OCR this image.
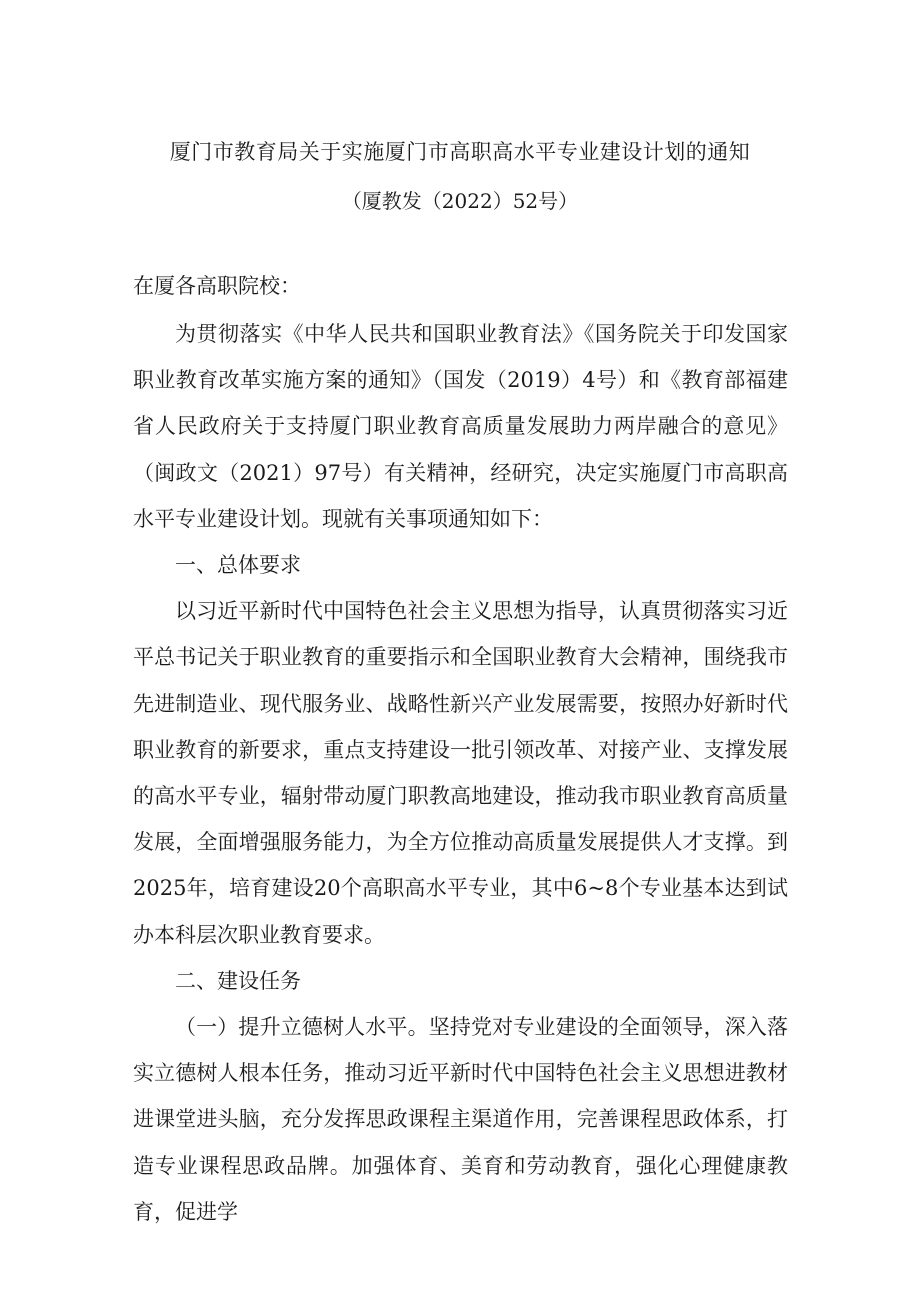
厦门市教育局关于实施厦门市高职高水平专业建设计划的通知
（厦教发（2022）52号）
在厦各高职院校：

为贯彻落实《中华人民共和国职业教育法》《国务院关于印发国家职业教育改革实施方案的通知》（国发（2019）4号）和《教育部福建省人民政府关于支持厦门职业教育高质量发展助力两岸融合的意见》（闽政文（2021）97号）有关精神，经研究，决定实施厦门市高职高水平专业建设计划。现就有关事项通知如下：

一、总体要求

以习近平新时代中国特色社会主义思想为指导，认真贯彻落实习近平总书记关于职业教育的重要指示和全国职业教育大会精神，围绕我市先进制造业、现代服务业、战略性新兴产业发展需要，按照办好新时代职业教育的新要求，重点支持建设一批引领改革、对接产业、支撑发展的高水平专业，辐射带动厦门职教高地建设，推动我市职业教育高质量发展，全面增强服务能力，为全方位推动高质量发展提供人才支撑。到2025年，培育建设20个高职高水平专业，其中6~8个专业基本达到试办本科层次职业教育要求。

二、建设任务

（一）提升立德树人水平。坚持党对专业建设的全面领导，深入落实立德树人根本任务，推动习近平新时代中国特色社会主义思想进教材进课堂进头脑，充分发挥思政课程主渠道作用，完善课程思政体系，打造专业课程思政品牌。加强体育、美育和劳动教育，强化心理健康教育，促进学
